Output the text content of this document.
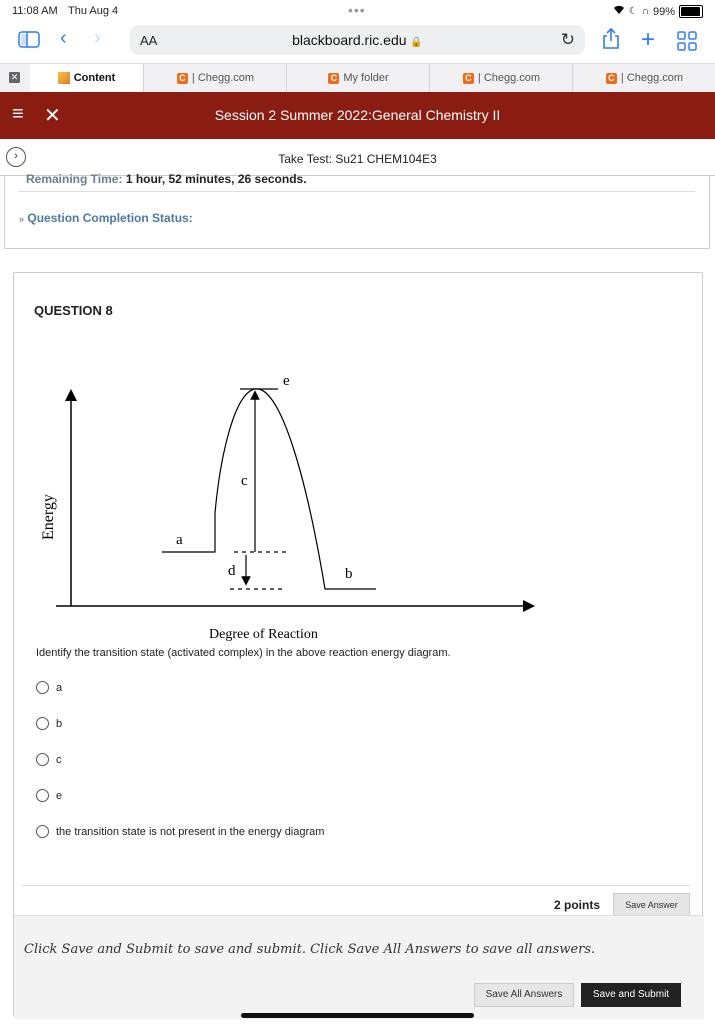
11:08 AM Thu Aug 4	•••	☾ ∩ 99%
‹ ›	AA	blackboard.ric.edu 🔒	↻	+
✕	Content	C | Chegg.com	C My folder	C | Chegg.com	C | Chegg.com
≡ ✕	Session 2 Summer 2022:General Chemistry II
›	Take Test: Su21 CHEM104E3
Remaining Time: 1 hour, 52 minutes, 26 seconds.
» Question Completion Status:
QUESTION 8
e
c
a
d	b
Energy
Degree of Reaction
Identify the transition state (activated complex) in the above reaction energy diagram.
a
b
c
e
the transition state is not present in the energy diagram
2 points	Save Answer
Click Save and Submit to save and submit. Click Save All Answers to save all answers.
Save All Answers	Save and Submit
